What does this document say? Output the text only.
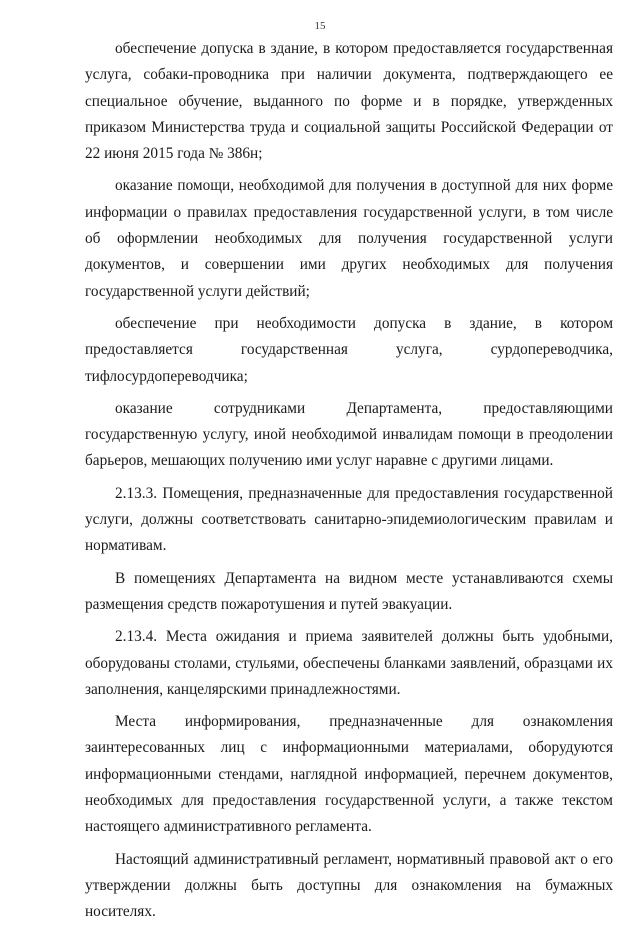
15

обеспечение допуска в здание, в котором предоставляется государственная услуга, собаки-проводника при наличии документа, подтверждающего ее специальное обучение, выданного по форме и в порядке, утвержденных приказом Министерства труда и социальной защиты Российской Федерации от 22 июня 2015 года № 386н;

оказание помощи, необходимой для получения в доступной для них форме информации о правилах предоставления государственной услуги, в том числе об оформлении необходимых для получения государственной услуги документов, и совершении ими других необходимых для получения государственной услуги действий;

обеспечение при необходимости допуска в здание, в котором предоставляется государственная услуга, сурдопереводчика, тифлосурдопереводчика;

оказание сотрудниками Департамента, предоставляющими государственную услугу, иной необходимой инвалидам помощи в преодолении барьеров, мешающих получению ими услуг наравне с другими лицами.

2.13.3. Помещения, предназначенные для предоставления государственной услуги, должны соответствовать санитарно-эпидемиологическим правилам и нормативам.

В помещениях Департамента на видном месте устанавливаются схемы размещения средств пожаротушения и путей эвакуации.

2.13.4. Места ожидания и приема заявителей должны быть удобными, оборудованы столами, стульями, обеспечены бланками заявлений, образцами их заполнения, канцелярскими принадлежностями.

Места информирования, предназначенные для ознакомления заинтересованных лиц с информационными материалами, оборудуются информационными стендами, наглядной информацией, перечнем документов, необходимых для предоставления государственной услуги, а также текстом настоящего административного регламента.

Настоящий административный регламент, нормативный правовой акт о его утверждении должны быть доступны для ознакомления на бумажных носителях.
